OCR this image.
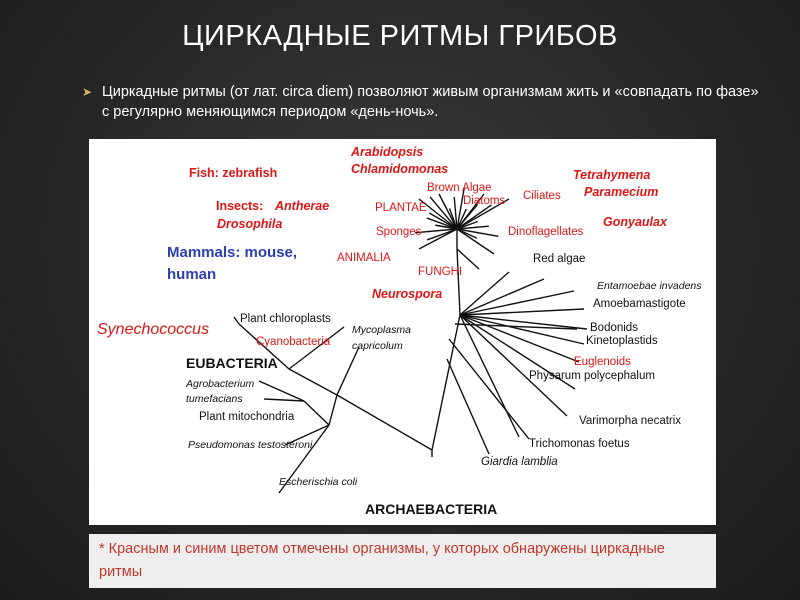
ЦИРКАДНЫЕ РИТМЫ ГРИБОВ
➤ Циркадные ритмы (от лат. circa diem) позволяют живым организмам жить и «совпадать по фазе» с регулярно меняющимся периодом «день-ночь».
Arabidopsis
Chlamidomonas
Fish: zebrafish	Tetrahymena
Paramecium
Brown Algae
Diatoms Ciliates
Insects: Antherae
Drosophila
PLANTAE
Gonyaulax
Sponges	Dinoflagellates
Mammals: mouse,
human
ANIMALIA	Red algae
FUNGHI
Neurospora
Entamoebae invadens
Amoebamastigote
Plant chloroplasts
Synechococcus	Mycoplasma
capricolum
Bodonids
Kinetoplastids
Cyanobacteria
EUBACTERIA	Euglenoids
Physarum polycephalum
Agrobacterium
tumefacians
Plant mitochondria	Varimorpha necatrix
Pseudomonas testosteroni	Trichomonas foetus
Giardia lamblia
Escherischia coli
ARCHAEBACTERIA
* Красным и синим цветом отмечены организмы, у которых обнаружены циркадные ритмы
